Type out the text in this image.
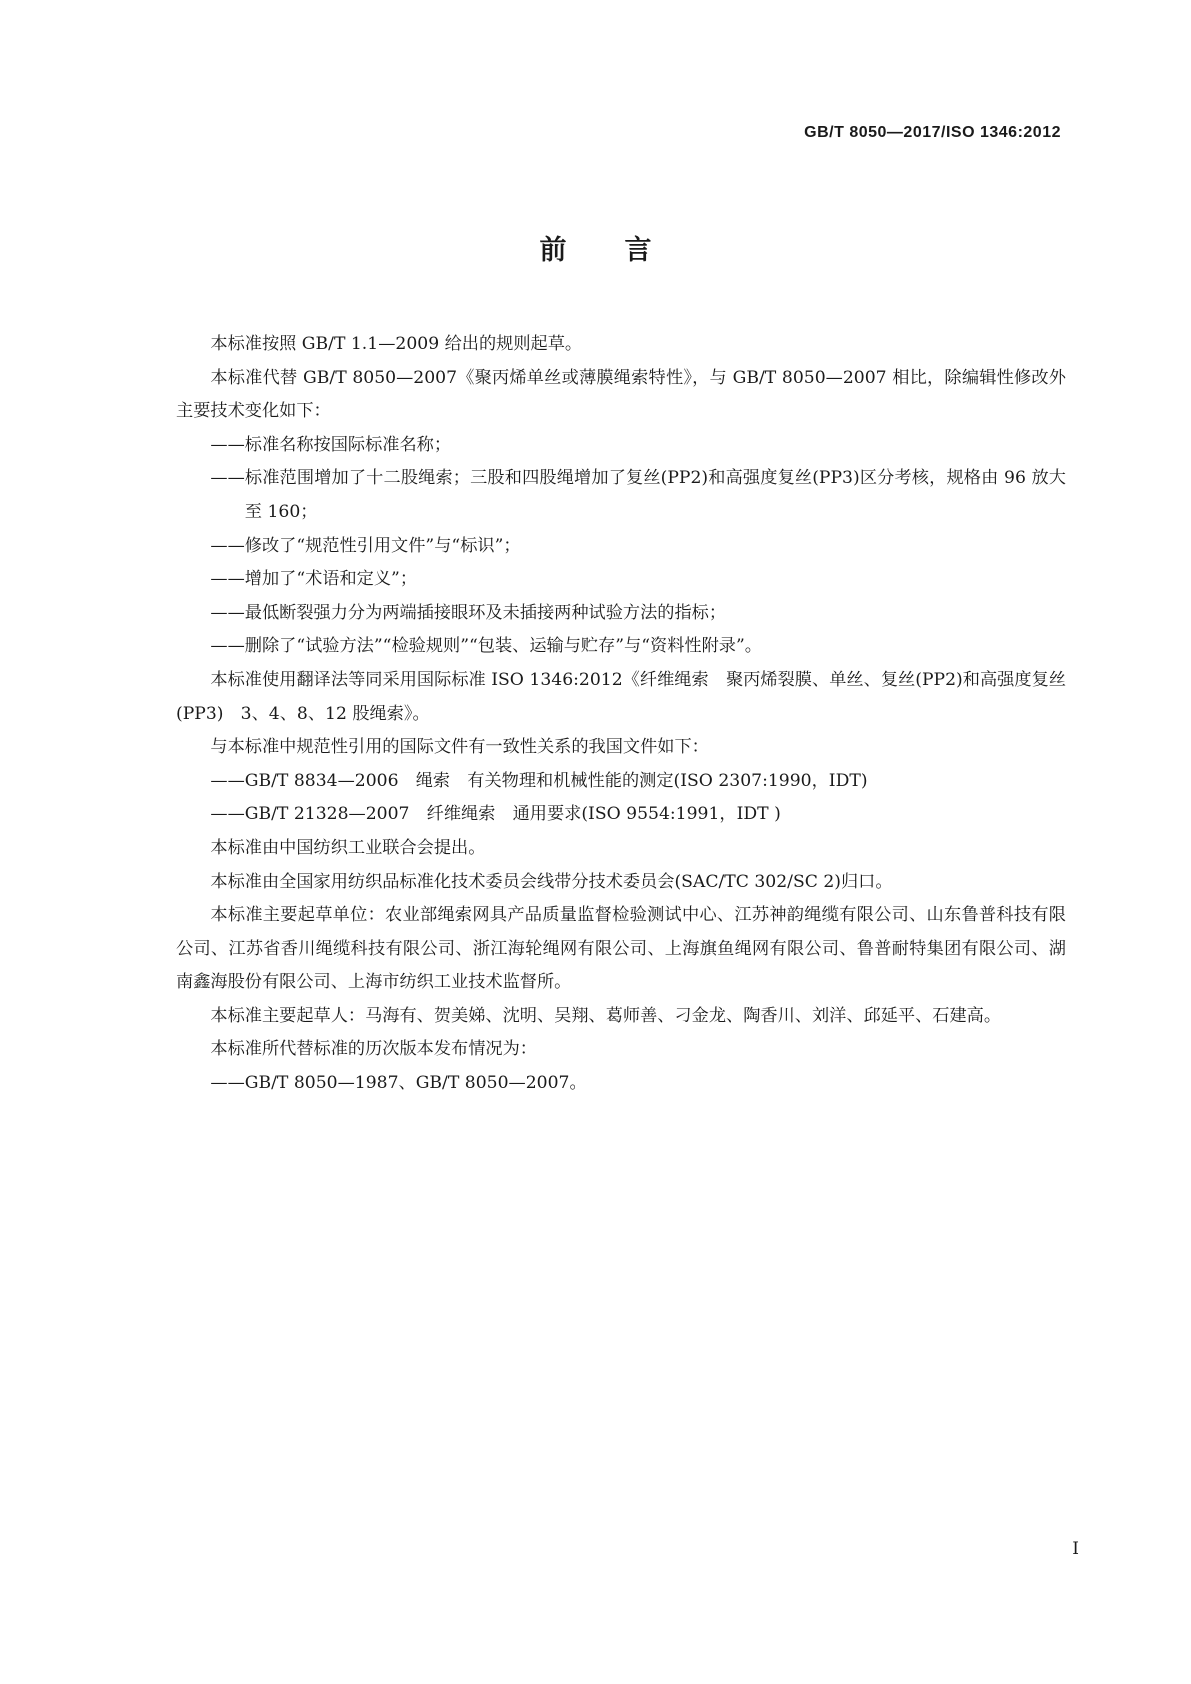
GB/T 8050—2017/ISO 1346:2012
前言

本标准按照 GB/T 1.1—2009 给出的规则起草。

本标准代替 GB/T 8050—2007《聚丙烯单丝或薄膜绳索特性》，与 GB/T 8050—2007 相比，除编辑性修改外主要技术变化如下：

——标准名称按国际标准名称；

——标准范围增加了十二股绳索；三股和四股绳增加了复丝(PP2)和高强度复丝(PP3)区分考核，规格由 96 放大至 160；

——修改了“规范性引用文件”与“标识”；

——增加了“术语和定义”；

——最低断裂强力分为两端插接眼环及未插接两种试验方法的指标；

——删除了“试验方法”“检验规则”“包装、运输与贮存”与“资料性附录”。

本标准使用翻译法等同采用国际标准 ISO 1346:2012《纤维绳索　聚丙烯裂膜、单丝、复丝(PP2)和高强度复丝(PP3)　3、4、8、12 股绳索》。

与本标准中规范性引用的国际文件有一致性关系的我国文件如下：

——GB/T 8834—2006　绳索　有关物理和机械性能的测定(ISO 2307:1990，IDT)

——GB/T 21328—2007　纤维绳索　通用要求(ISO 9554:1991，IDT )

本标准由中国纺织工业联合会提出。

本标准由全国家用纺织品标准化技术委员会线带分技术委员会(SAC/TC 302/SC 2)归口。

本标准主要起草单位：农业部绳索网具产品质量监督检验测试中心、江苏神韵绳缆有限公司、山东鲁普科技有限公司、江苏省香川绳缆科技有限公司、浙江海轮绳网有限公司、上海旗鱼绳网有限公司、鲁普耐特集团有限公司、湖南鑫海股份有限公司、上海市纺织工业技术监督所。

本标准主要起草人：马海有、贺美娣、沈明、吴翔、葛师善、刁金龙、陶香川、刘洋、邱延平、石建高。

本标准所代替标准的历次版本发布情况为：

——GB/T 8050—1987、GB/T 8050—2007。

I
